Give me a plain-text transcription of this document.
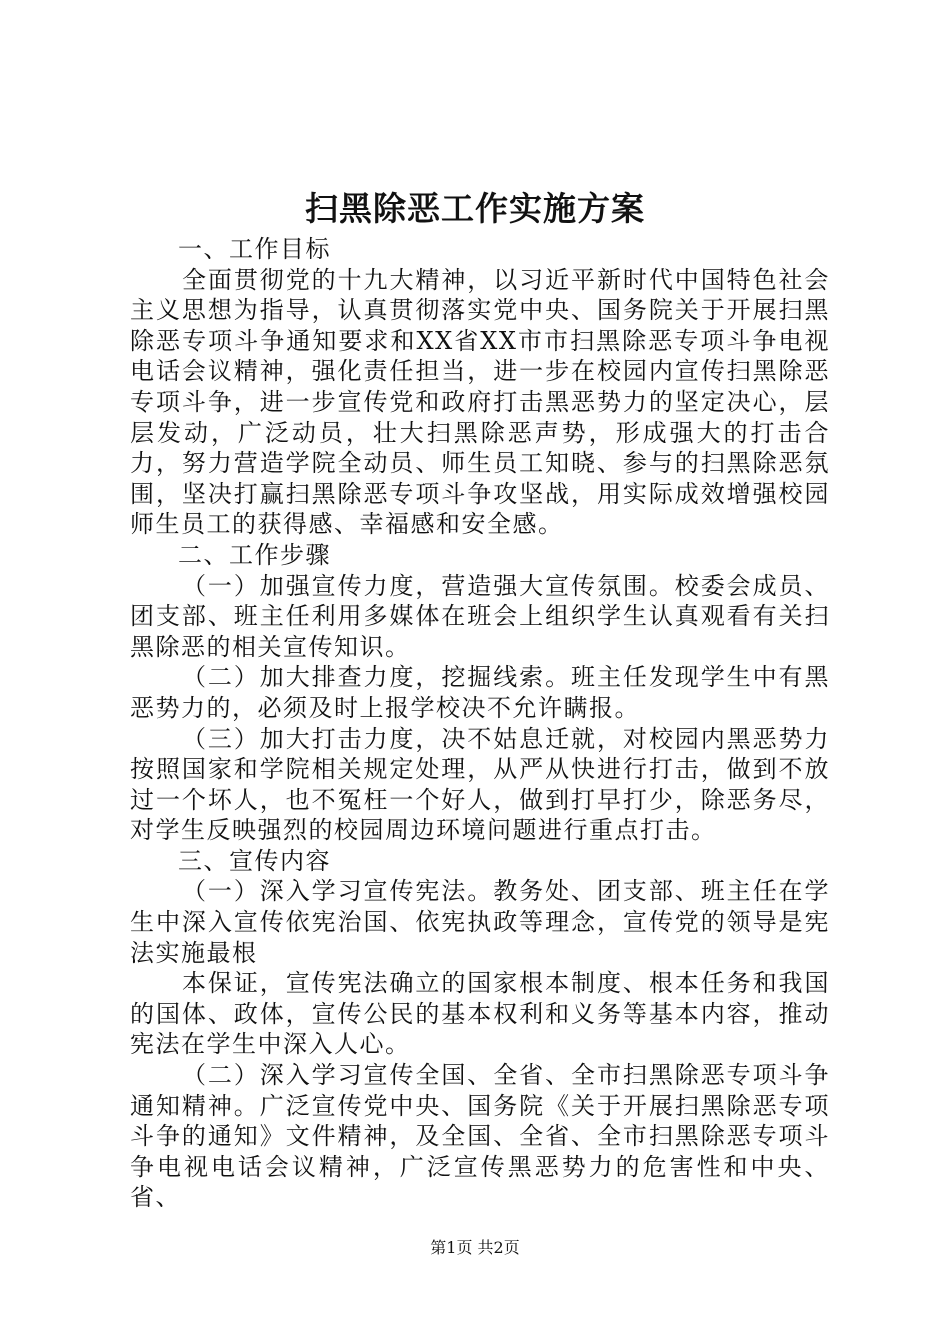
扫黑除恶工作实施方案

一、工作目标

全面贯彻党的十九大精神，以习近平新时代中国特色社会主义思想为指导，认真贯彻落实党中央、国务院关于开展扫黑除恶专项斗争通知要求和XX省XX市市扫黑除恶专项斗争电视电话会议精神，强化责任担当，进一步在校园内宣传扫黑除恶专项斗争，进一步宣传党和政府打击黑恶势力的坚定决心，层层发动，广泛动员，壮大扫黑除恶声势，形成强大的打击合力，努力营造学院全动员、师生员工知晓、参与的扫黑除恶氛围，坚决打赢扫黑除恶专项斗争攻坚战，用实际成效增强校园师生员工的获得感、幸福感和安全感。

二、工作步骤

（一）加强宣传力度，营造强大宣传氛围。校委会成员、团支部、班主任利用多媒体在班会上组织学生认真观看有关扫黑除恶的相关宣传知识。

（二）加大排查力度，挖掘线索。班主任发现学生中有黑恶势力的，必须及时上报学校决不允许瞒报。

（三）加大打击力度，决不姑息迁就，对校园内黑恶势力按照国家和学院相关规定处理，从严从快进行打击，做到不放过一个坏人，也不冤枉一个好人，做到打早打少，除恶务尽，对学生反映强烈的校园周边环境问题进行重点打击。

三、宣传内容

（一）深入学习宣传宪法。教务处、团支部、班主任在学生中深入宣传依宪治国、依宪执政等理念，宣传党的领导是宪法实施最根

本保证，宣传宪法确立的国家根本制度、根本任务和我国的国体、政体，宣传公民的基本权利和义务等基本内容，推动宪法在学生中深入人心。

（二）深入学习宣传全国、全省、全市扫黑除恶专项斗争通知精神。广泛宣传党中央、国务院《关于开展扫黑除恶专项斗争的通知》文件精神，及全国、全省、全市扫黑除恶专项斗争电视电话会议精神，广泛宣传黑恶势力的危害性和中央、省、

第1页 共2页
